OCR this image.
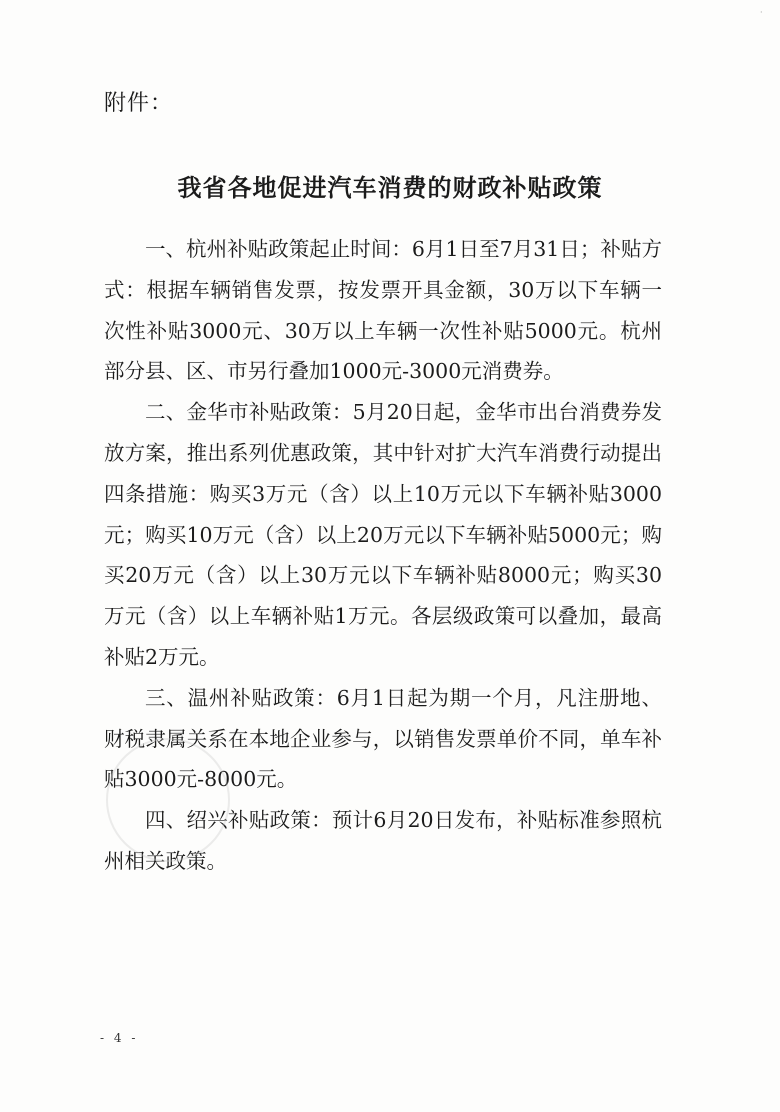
·
附件：
我省各地促进汽车消费的财政补贴政策

一、杭州补贴政策起止时间：6月1日至7月31日；补贴方式：根据车辆销售发票，按发票开具金额，30万以下车辆一次性补贴3000元、30万以上车辆一次性补贴5000元。杭州部分县、区、市另行叠加1000元-3000元消费券。

二、金华市补贴政策：5月20日起，金华市出台消费券发放方案，推出系列优惠政策，其中针对扩大汽车消费行动提出四条措施：购买3万元（含）以上10万元以下车辆补贴3000元；购买10万元（含）以上20万元以下车辆补贴5000元；购买20万元（含）以上30万元以下车辆补贴8000元；购买30万元（含）以上车辆补贴1万元。各层级政策可以叠加，最高补贴2万元。

三、温州补贴政策：6月1日起为期一个月，凡注册地、财税隶属关系在本地企业参与，以销售发票单价不同，单车补贴3000元-8000元。

四、绍兴补贴政策：预计6月20日发布，补贴标准参照杭州相关政策。

- 4 -
